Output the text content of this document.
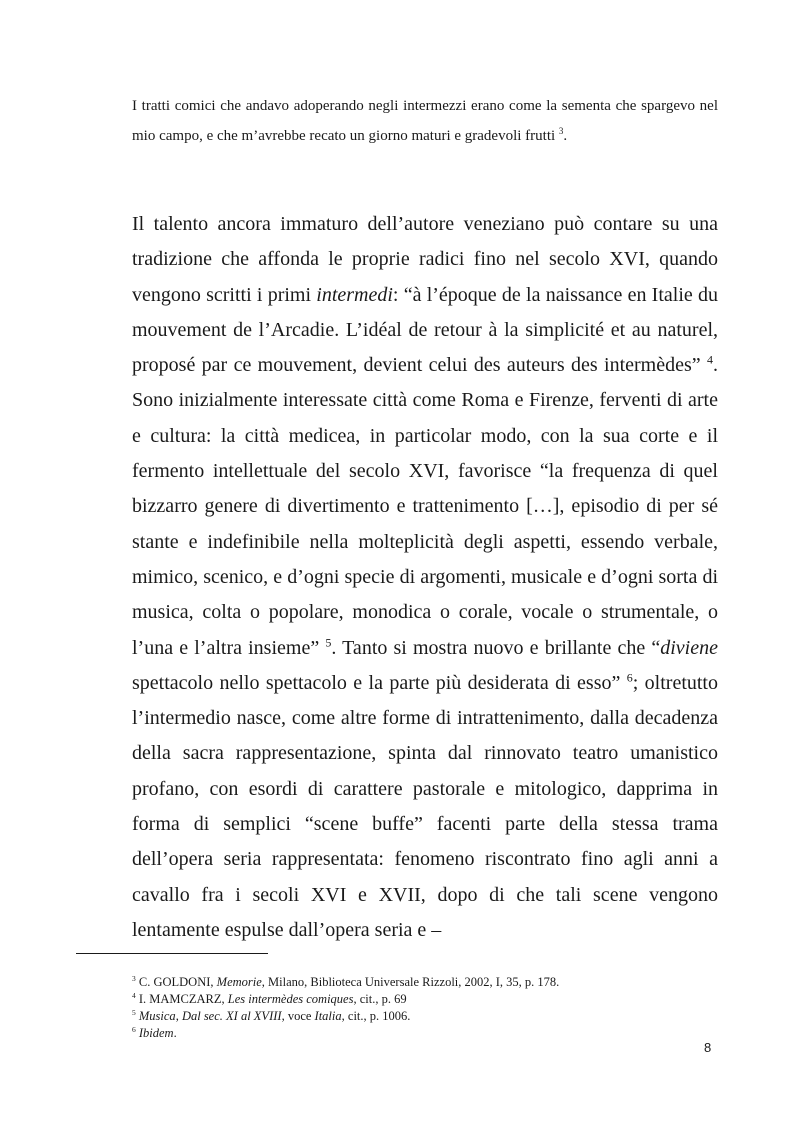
I tratti comici che andavo adoperando negli intermezzi erano come la sementa che spargevo nel mio campo, e che m’avrebbe recato un giorno maturi e gradevoli frutti $^3$.

Il talento ancora immaturo dell’autore veneziano può contare su una tradizione che affonda le proprie radici fino nel secolo XVI, quando vengono scritti i primi intermedi: “à l’époque de la naissance en Italie du mouvement de l’Arcadie. L’idéal de retour à la simplicité et au naturel, proposé par ce mouvement, devient celui des auteurs des intermèdes” $^4$. Sono inizialmente interessate città come Roma e Firenze, ferventi di arte e cultura: la città medicea, in particolar modo, con la sua corte e il fermento intellettuale del secolo XVI, favorisce “la frequenza di quel bizzarro genere di divertimento e trattenimento […], episodio di per sé stante e indefinibile nella molteplicità degli aspetti, essendo verbale, mimico, scenico, e d’ogni specie di argomenti, musicale e d’ogni sorta di musica, colta o popolare, monodica o corale, vocale o strumentale, o l’una e l’altra insieme” $^5$. Tanto si mostra nuovo e brillante che “diviene spettacolo nello spettacolo e la parte più desiderata di esso” $^6$; oltretutto l’intermedio nasce, come altre forme di intrattenimento, dalla decadenza della sacra rappresentazione, spinta dal rinnovato teatro umanistico profano, con esordi di carattere pastorale e mitologico, dapprima in forma di semplici “scene buffe” facenti parte della stessa trama dell’opera seria rappresentata: fenomeno riscontrato fino agli anni a cavallo fra i secoli XVI e XVII, dopo di che tali scene vengono lentamente espulse dall’opera seria e –

$^3$ C. GOLDONI, Memorie, Milano, Biblioteca Universale Rizzoli, 2002, I, 35, p. 178.
$^4$ I. MAMCZARZ, Les intermèdes comiques, cit., p. 69
$^5$ Musica, Dal sec. XI al XVIII, voce Italia, cit., p. 1006.
$^6$ Ibidem.
8
